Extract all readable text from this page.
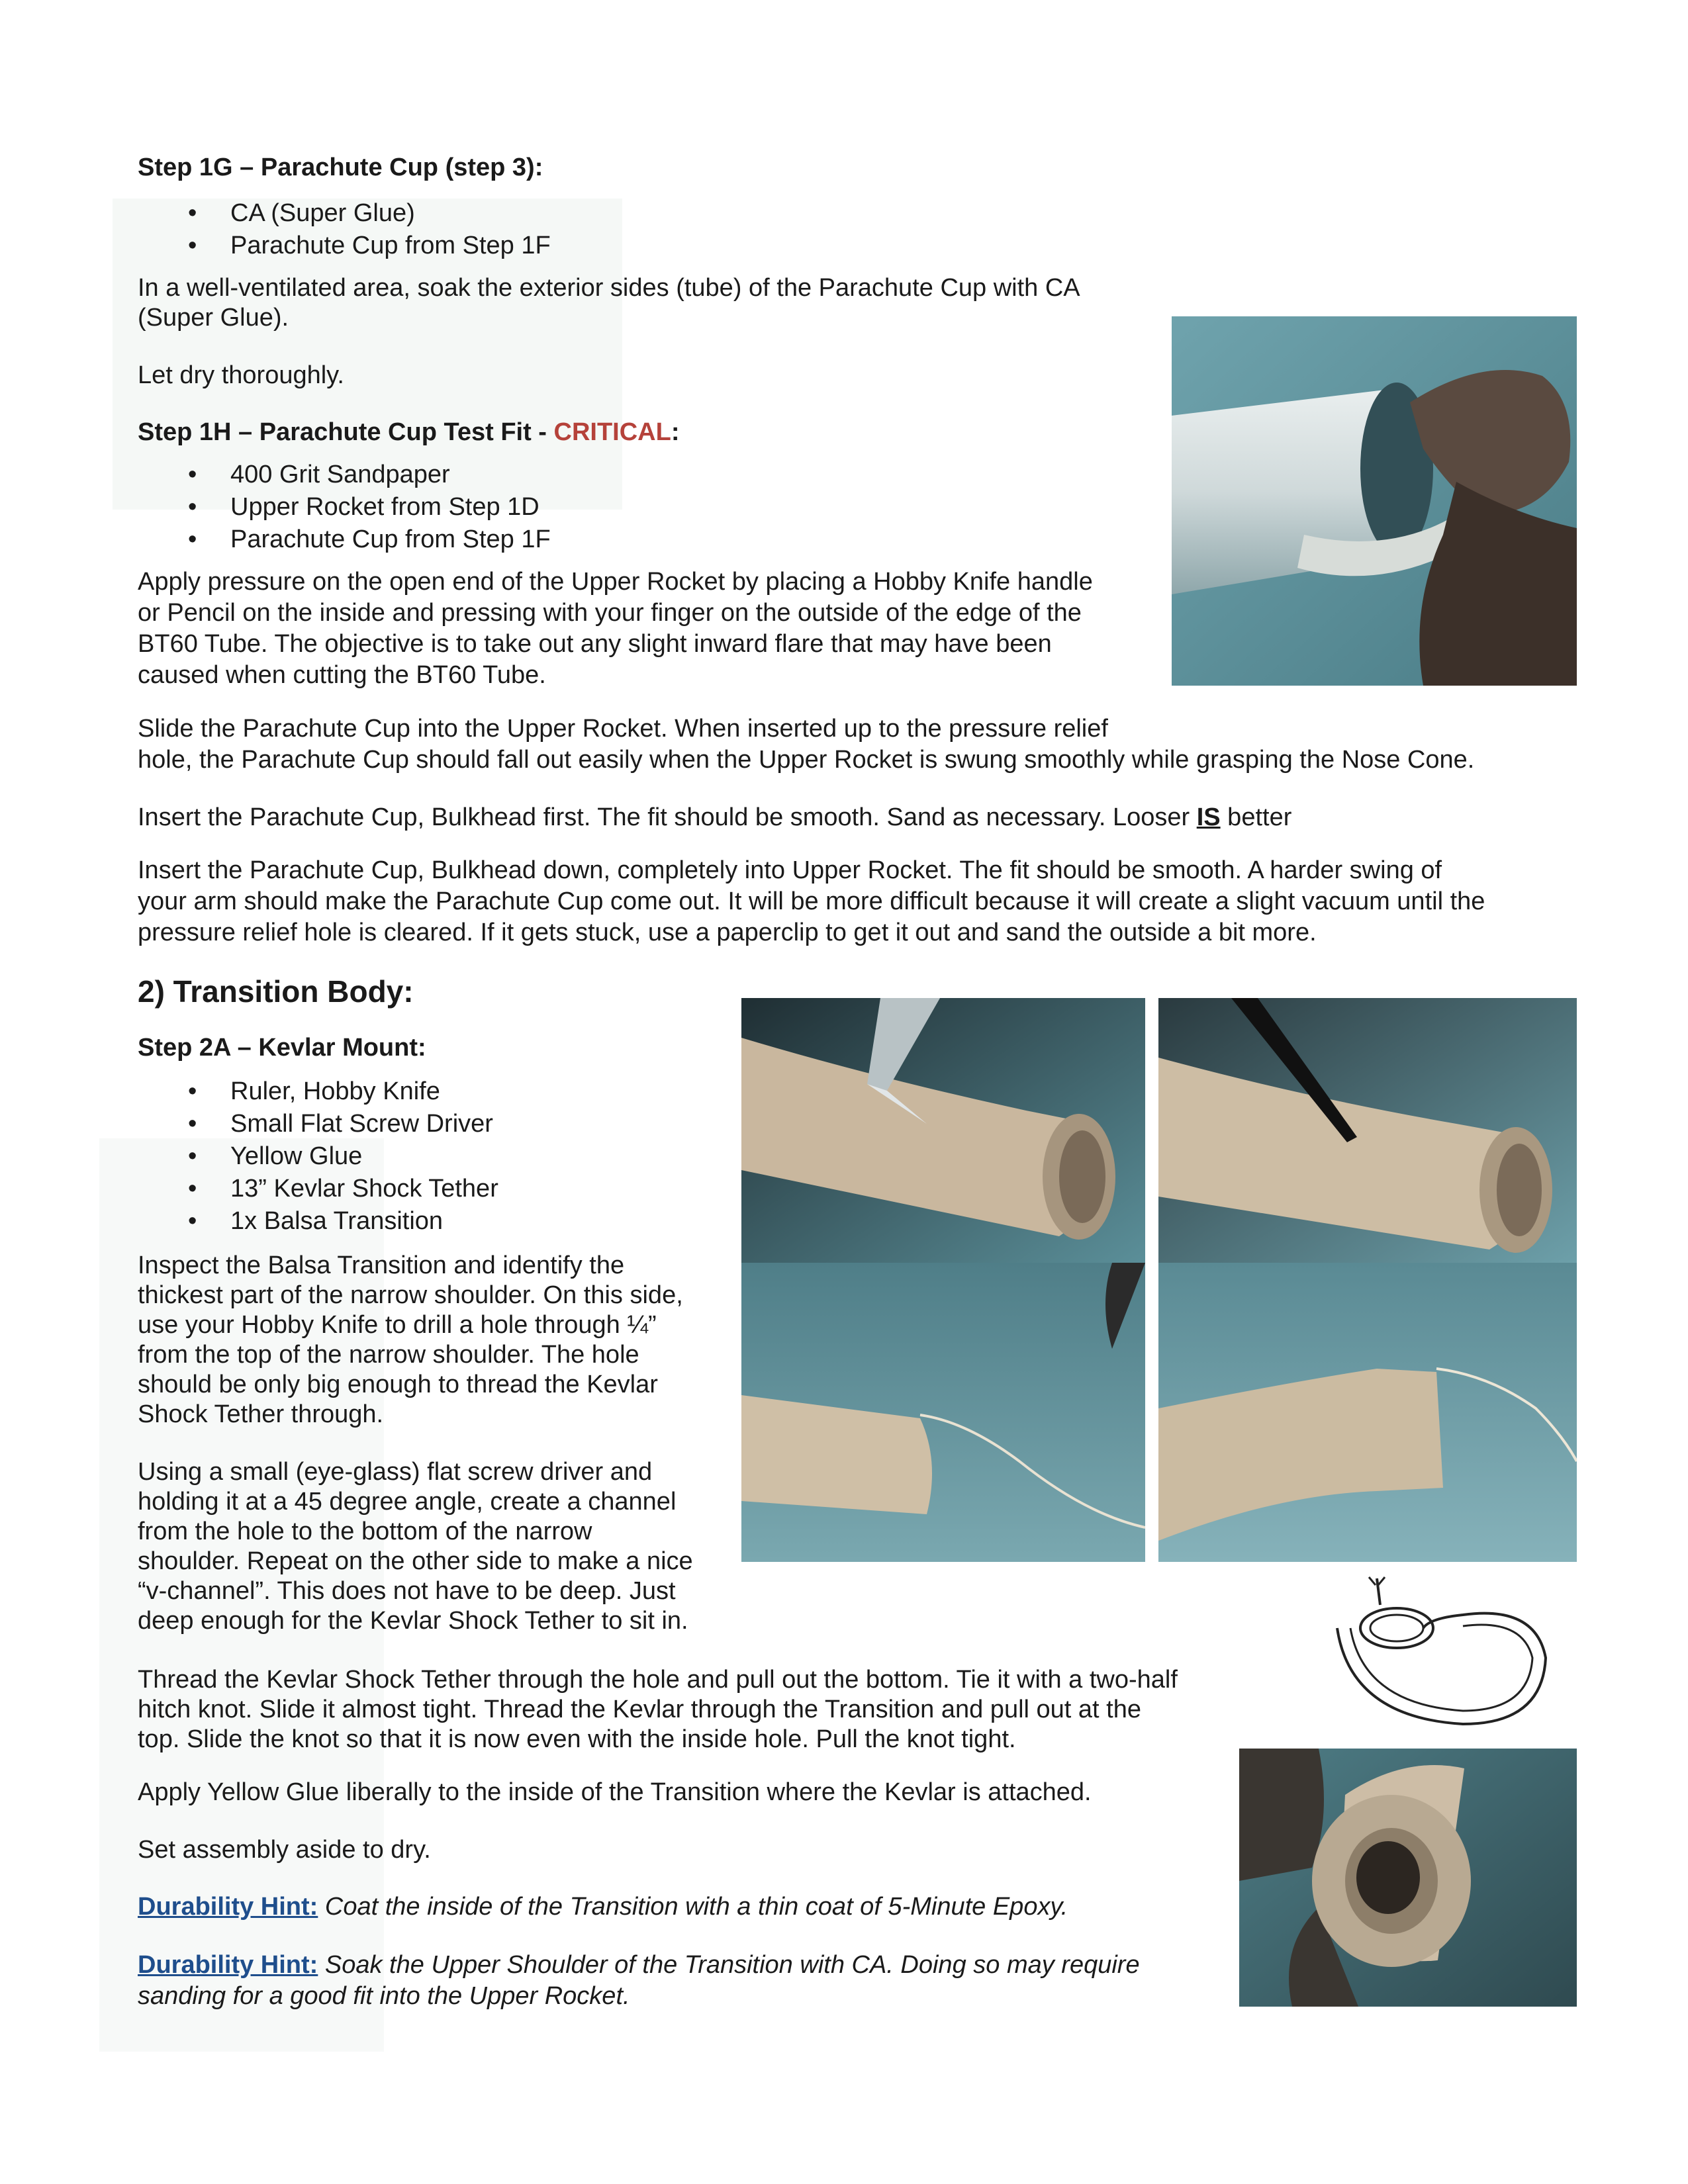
Step 1G – Parachute Cup (step 3):
• CA (Super Glue)
• Parachute Cup from Step 1F
In a well-ventilated area, soak the exterior sides (tube) of the Parachute Cup with CA
(Super Glue).
Let dry thoroughly.
Step 1H – Parachute Cup Test Fit - CRITICAL:
• 400 Grit Sandpaper
• Upper Rocket from Step 1D
• Parachute Cup from Step 1F
Apply pressure on the open end of the Upper Rocket by placing a Hobby Knife handle
or Pencil on the inside and pressing with your finger on the outside of the edge of the
BT60 Tube. The objective is to take out any slight inward flare that may have been
caused when cutting the BT60 Tube.
Slide the Parachute Cup into the Upper Rocket. When inserted up to the pressure relief
hole, the Parachute Cup should fall out easily when the Upper Rocket is swung smoothly while grasping the Nose Cone.
Insert the Parachute Cup, Bulkhead first. The fit should be smooth. Sand as necessary. Looser IS better
Insert the Parachute Cup, Bulkhead down, completely into Upper Rocket. The fit should be smooth. A harder swing of
your arm should make the Parachute Cup come out. It will be more difficult because it will create a slight vacuum until the
pressure relief hole is cleared. If it gets stuck, use a paperclip to get it out and sand the outside a bit more.
2) Transition Body:
Step 2A – Kevlar Mount:
• Ruler, Hobby Knife
• Small Flat Screw Driver
• Yellow Glue
• 13” Kevlar Shock Tether
• 1x Balsa Transition
Inspect the Balsa Transition and identify the
thickest part of the narrow shoulder. On this side,
use your Hobby Knife to drill a hole through ¼”
from the top of the narrow shoulder. The hole
should be only big enough to thread the Kevlar
Shock Tether through.
Using a small (eye-glass) flat screw driver and
holding it at a 45 degree angle, create a channel
from the hole to the bottom of the narrow
shoulder. Repeat on the other side to make a nice
“v-channel”. This does not have to be deep. Just
deep enough for the Kevlar Shock Tether to sit in.
Thread the Kevlar Shock Tether through the hole and pull out the bottom. Tie it with a two-half
hitch knot. Slide it almost tight. Thread the Kevlar through the Transition and pull out at the
top. Slide the knot so that it is now even with the inside hole. Pull the knot tight.
Apply Yellow Glue liberally to the inside of the Transition where the Kevlar is attached.
Set assembly aside to dry.
Durability Hint: Coat the inside of the Transition with a thin coat of 5-Minute Epoxy.
Durability Hint: Soak the Upper Shoulder of the Transition with CA. Doing so may require
sanding for a good fit into the Upper Rocket.
